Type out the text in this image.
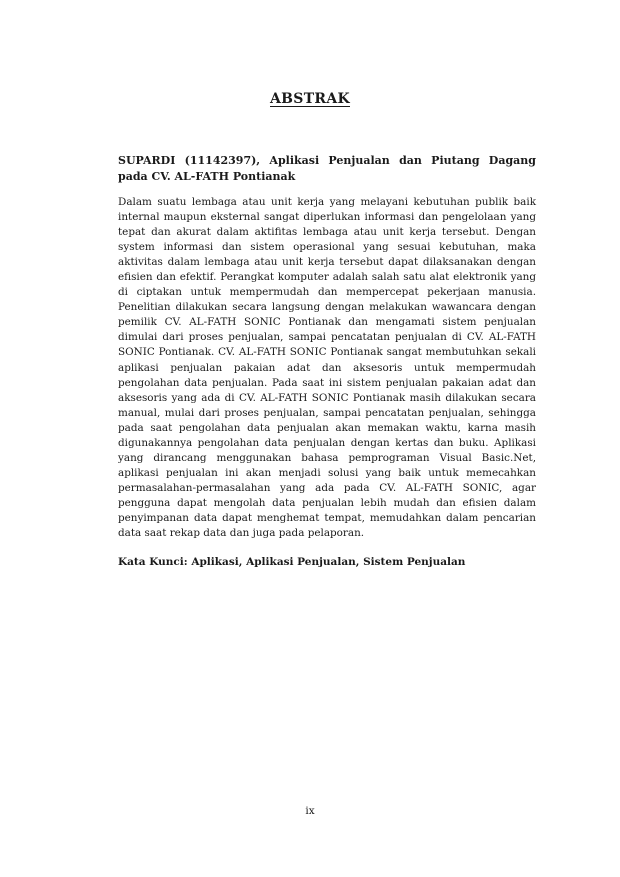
ABSTRAK
SUPARDI (11142397), Aplikasi Penjualan dan Piutang Dagang pada CV. AL-FATH Pontianak

Dalam suatu lembaga atau unit kerja yang melayani kebutuhan publik baik internal maupun eksternal sangat diperlukan informasi dan pengelolaan yang tepat dan akurat dalam aktifitas lembaga atau unit kerja tersebut. Dengan system informasi dan sistem operasional yang sesuai kebutuhan, maka aktivitas dalam lembaga atau unit kerja tersebut dapat dilaksanakan dengan efisien dan efektif. Perangkat komputer adalah salah satu alat elektronik yang di ciptakan untuk mempermudah dan mempercepat pekerjaan manusia. Penelitian dilakukan secara langsung dengan melakukan wawancara dengan pemilik CV. AL-FATH SONIC Pontianak dan mengamati sistem penjualan dimulai dari proses penjualan, sampai pencatatan penjualan di CV. AL-FATH SONIC Pontianak. CV. AL-FATH SONIC Pontianak sangat membutuhkan sekali aplikasi penjualan pakaian adat dan aksesoris untuk mempermudah pengolahan data penjualan. Pada saat ini sistem penjualan pakaian adat dan aksesoris yang ada di CV. AL-FATH SONIC Pontianak masih dilakukan secara manual, mulai dari proses penjualan, sampai pencatatan penjualan, sehingga pada saat pengolahan data penjualan akan memakan waktu, karna masih digunakannya pengolahan data penjualan dengan kertas dan buku. Aplikasi yang dirancang menggunakan bahasa pemprograman Visual Basic.Net, aplikasi penjualan ini akan menjadi solusi yang baik untuk memecahkan permasalahan-permasalahan yang ada pada CV. AL-FATH SONIC, agar pengguna dapat mengolah data penjualan lebih mudah dan efisien dalam penyimpanan data dapat menghemat tempat, memudahkan dalam pencarian data saat rekap data dan juga pada pelaporan.

Kata Kunci: Aplikasi, Aplikasi Penjualan, Sistem Penjualan
ix
